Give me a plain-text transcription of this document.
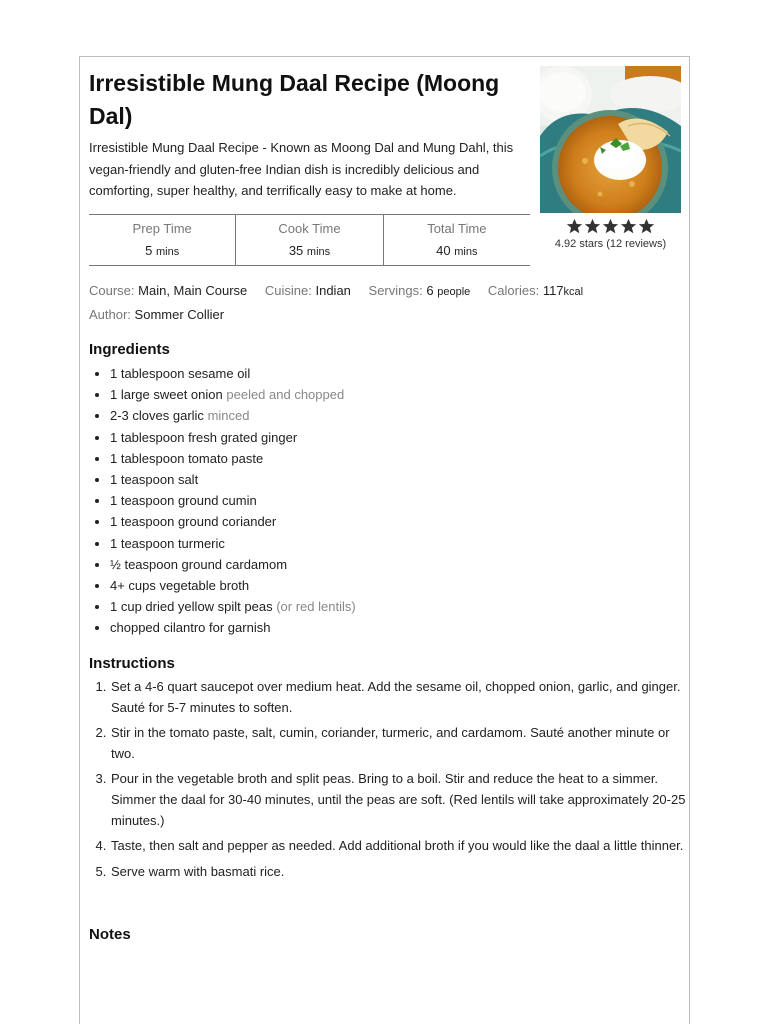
Irresistible Mung Daal Recipe (Moong Dal)

Irresistible Mung Daal Recipe - Known as Moong Dal and Mung Dahl, this vegan-friendly and gluten-free Indian dish is incredibly delicious and comforting, super healthy, and terrifically easy to make at home.

4.92 stars (12 reviews)
Prep Time
5 mins
Cook Time
35 mins
Total Time
40 mins
Course: Main, Main Course Cuisine: Indian Servings: 6 people Calories: 117kcal
Author: Sommer Collier
Ingredients
• 1 tablespoon sesame oil
• 1 large sweet onion peeled and chopped
• 2-3 cloves garlic minced
• 1 tablespoon fresh grated ginger
• 1 tablespoon tomato paste
• 1 teaspoon salt
• 1 teaspoon ground cumin
• 1 teaspoon ground coriander
• 1 teaspoon turmeric
• ½ teaspoon ground cardamom
• 4+ cups vegetable broth
• 1 cup dried yellow spilt peas (or red lentils)
• chopped cilantro for garnish
Instructions
1. Set a 4-6 quart saucepot over medium heat. Add the sesame oil, chopped onion, garlic, and ginger. Sauté for 5-7 minutes to soften.
2. Stir in the tomato paste, salt, cumin, coriander, turmeric, and cardamom. Sauté another minute or two.
3. Pour in the vegetable broth and split peas. Bring to a boil. Stir and reduce the heat to a simmer. Simmer the daal for 30-40 minutes, until the peas are soft. (Red lentils will take approximately 20-25 minutes.)
4. Taste, then salt and pepper as needed. Add additional broth if you would like the daal a little thinner.
5. Serve warm with basmati rice.
Notes
